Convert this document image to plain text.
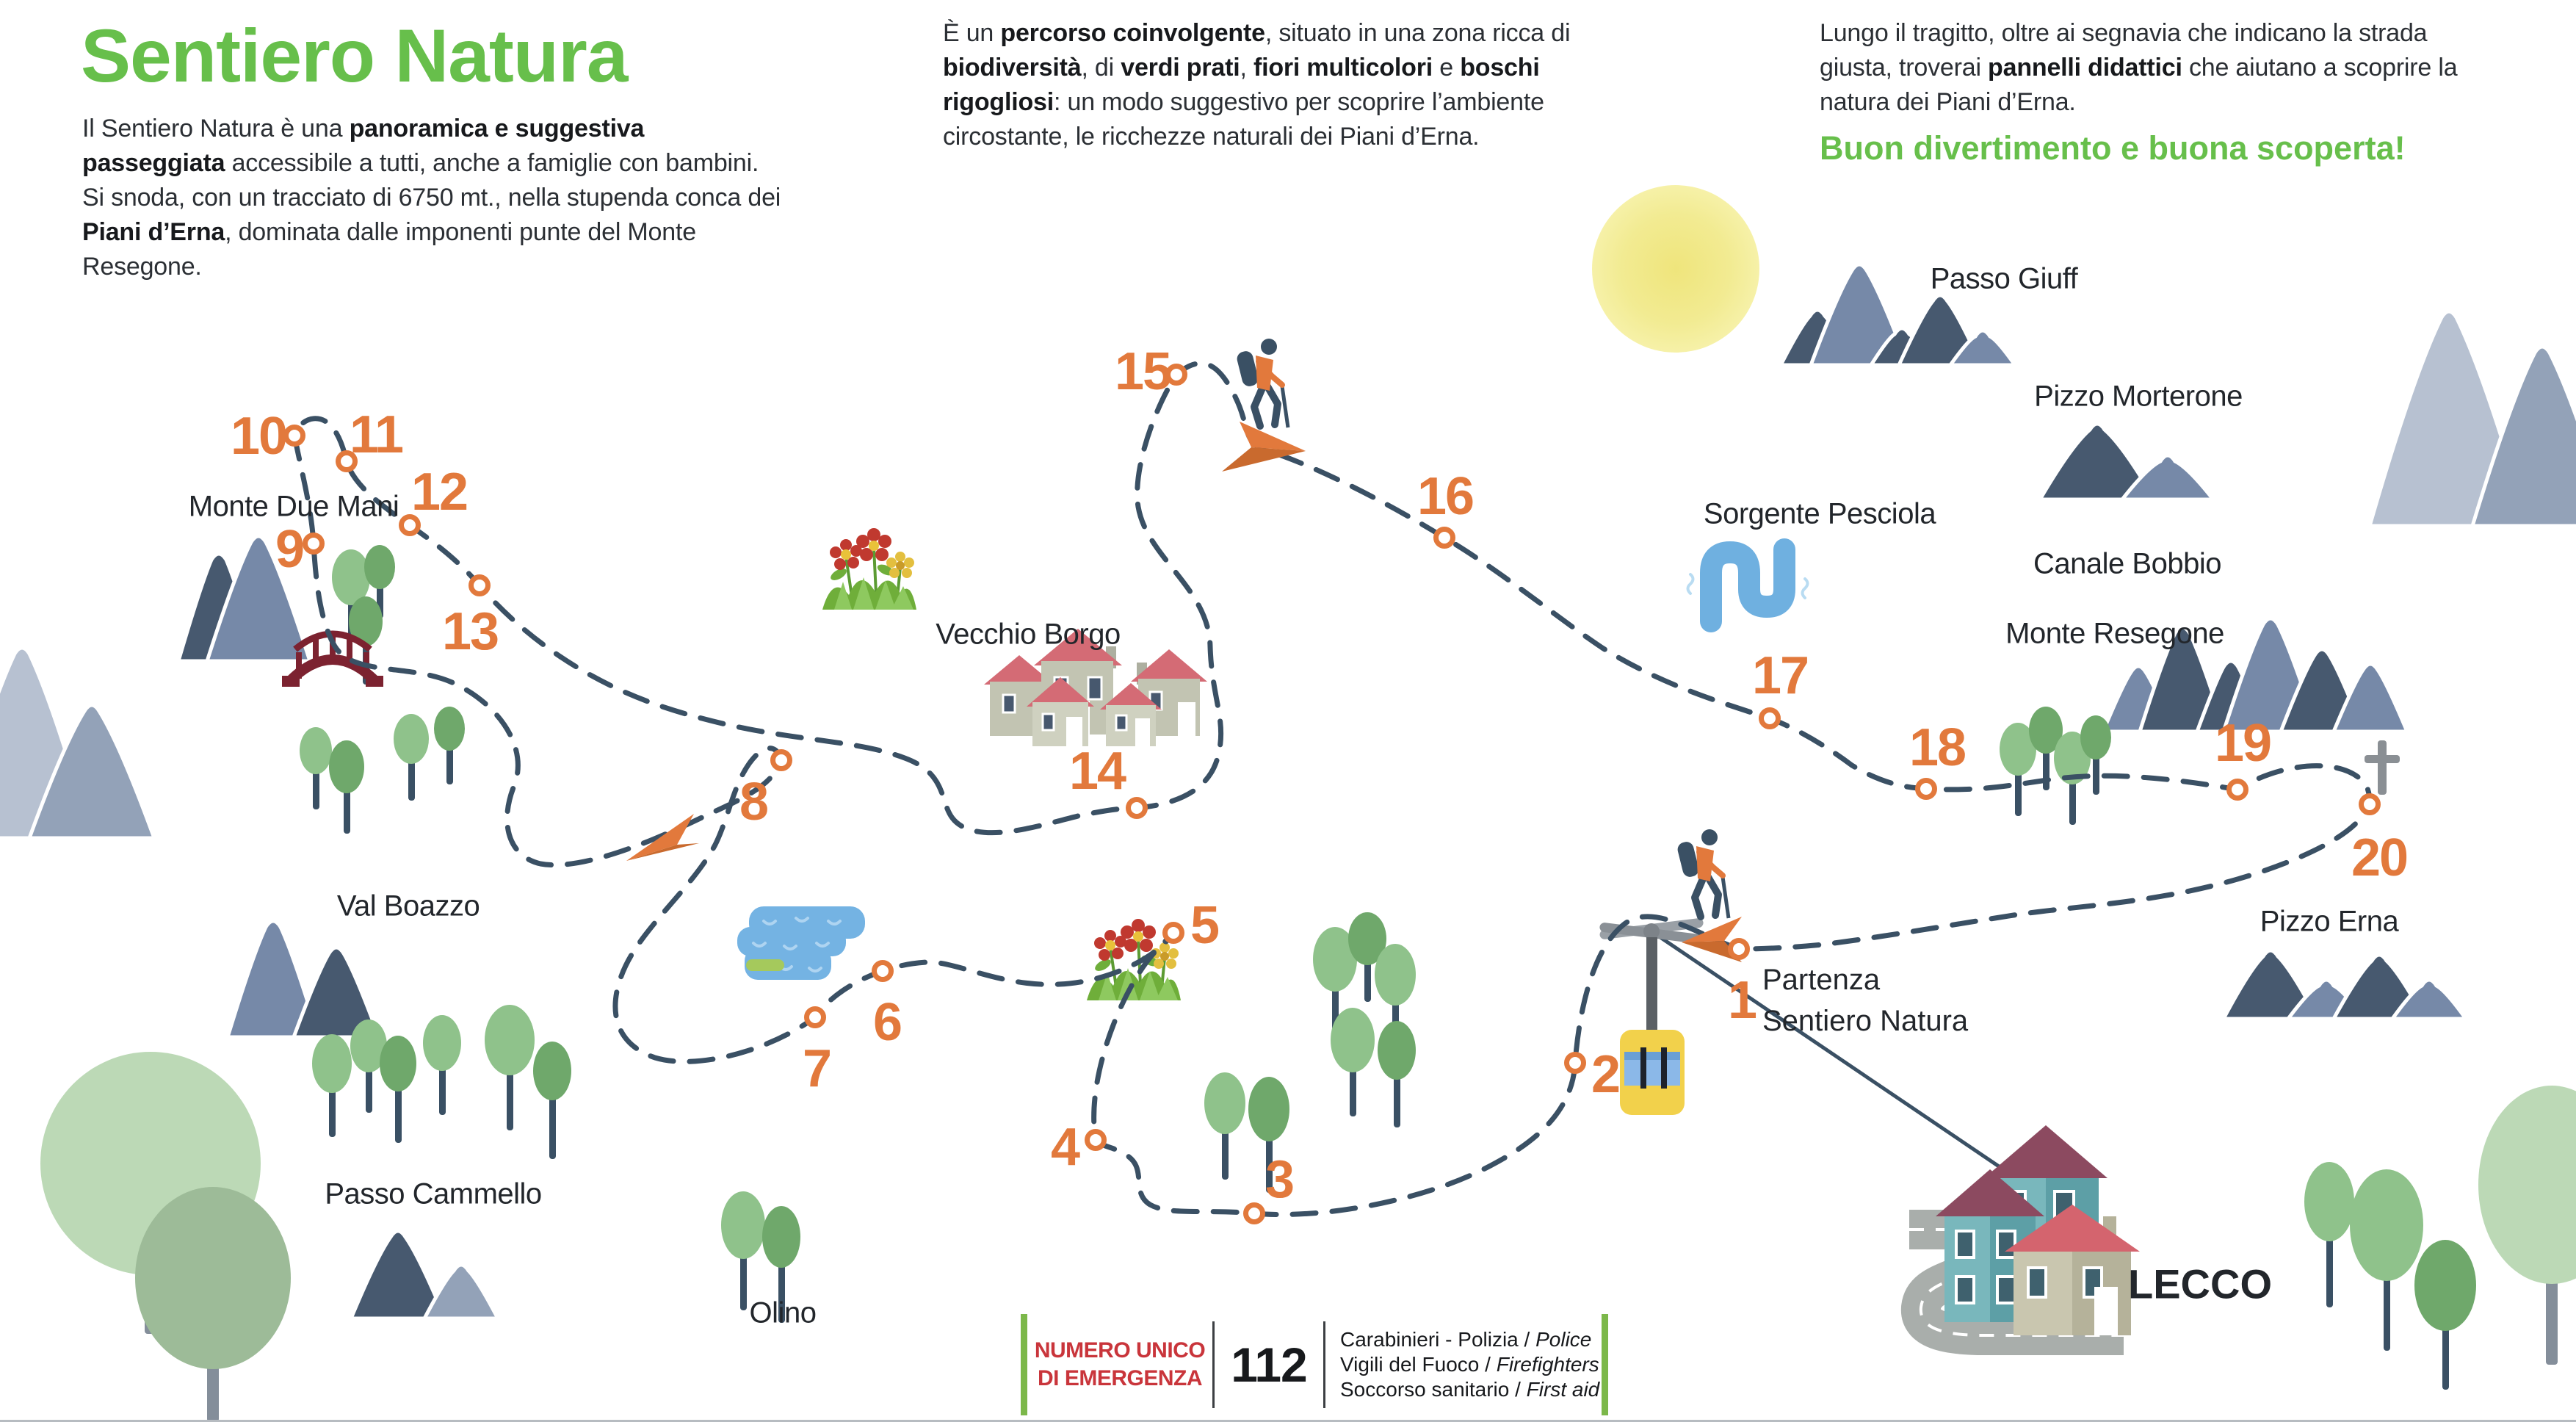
Sentiero Natura
Il Sentiero Natura è una panoramica e suggestiva passeggiata accessibile a tutti, anche a famiglie con bambini. Si snoda, con un tracciato di 6750 mt., nella stupenda conca dei Piani d’Erna, dominata dalle imponenti punte del Monte Resegone.
È un percorso coinvolgente, situato in una zona ricca di biodiversità, di verdi prati, fiori multicolori e boschi rigogliosi: un modo suggestivo per scoprire l’ambiente circostante, le ricchezze naturali dei Piani d’Erna.
Lungo il tragitto, oltre ai segnavia che indicano la strada giusta, troverai pannelli didattici che aiutano a scoprire la natura dei Piani d’Erna.
Buon divertimento e buona scoperta!
Monte Due Mani
Vecchio Borgo
Passo Giuff
Pizzo Morterone
Sorgente Pesciola
Canale Bobbio
Monte Resegone
Pizzo Erna
Val Boazzo
Passo Cammello
Olino
LECCO
Partenza
Sentiero Natura
1
2
3
4
5
6
7
8
9
10 11
12
13
14
15
16
17
18	19
20
NUMERO UNICO
DI EMERGENZA 112	Carabinieri - Polizia / Police
Vigili del Fuoco / Firefighters
Soccorso sanitario / First aid
